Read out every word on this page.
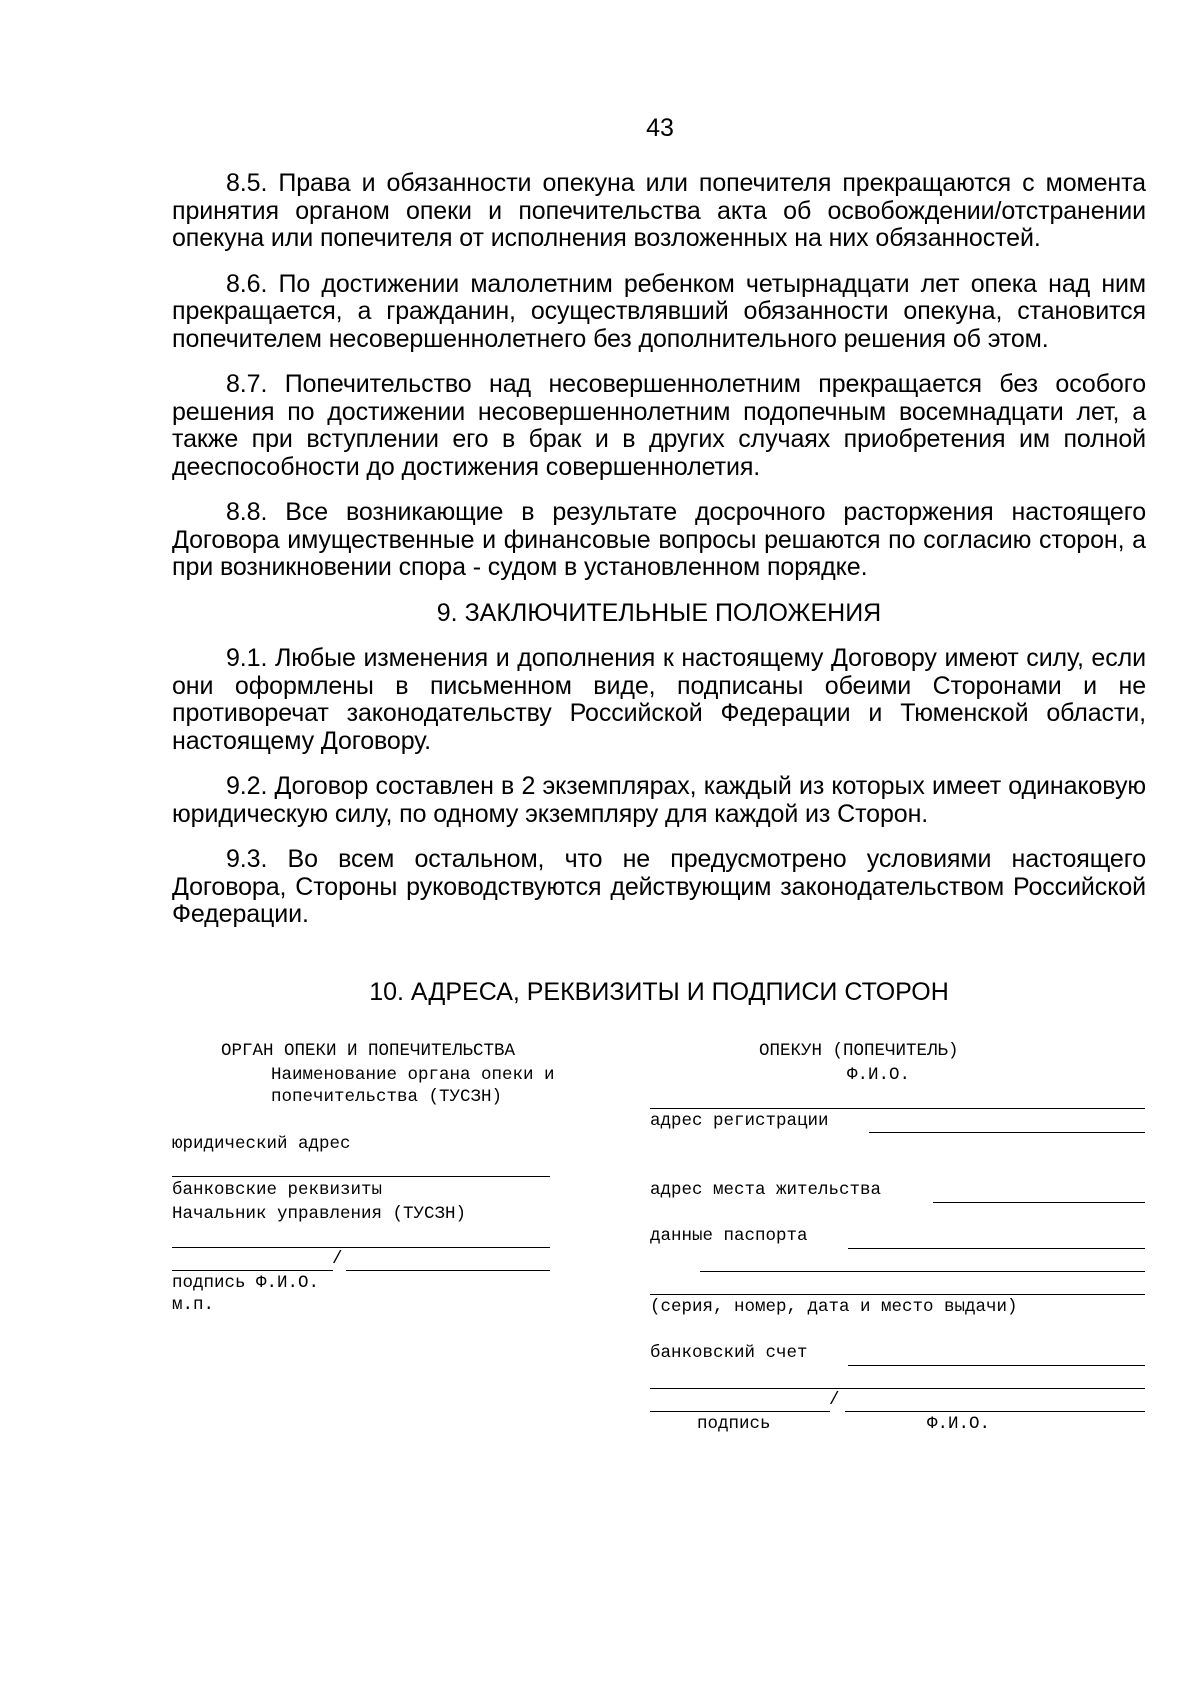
43

8.5. Права и обязанности опекуна или попечителя прекращаются с момента принятия органом опеки и попечительства акта об освобождении/отстранении опекуна или попечителя от исполнения возложенных на них обязанностей.

8.6. По достижении малолетним ребенком четырнадцати лет опека над ним прекращается, а гражданин, осуществлявший обязанности опекуна, становится попечителем несовершеннолетнего без дополнительного решения об этом.

8.7. Попечительство над несовершеннолетним прекращается без особого решения по достижении несовершеннолетним подопечным восемнадцати лет, а также при вступлении его в брак и в других случаях приобретения им полной дееспособности до достижения совершеннолетия.

8.8. Все возникающие в результате досрочного расторжения настоящего Договора имущественные и финансовые вопросы решаются по согласию сторон, а при возникновении спора - судом в установленном порядке.

9. ЗАКЛЮЧИТЕЛЬНЫЕ ПОЛОЖЕНИЯ

9.1. Любые изменения и дополнения к настоящему Договору имеют силу, если они оформлены в письменном виде, подписаны обеими Сторонами и не противоречат законодательству Российской Федерации и Тюменской области, настоящему Договору.

9.2. Договор составлен в 2 экземплярах, каждый из которых имеет одинаковую юридическую силу, по одному экземпляру для каждой из Сторон.

9.3. Во всем остальном, что не предусмотрено условиями настоящего Договора, Стороны руководствуются действующим законодательством Российской Федерации.

10. АДРЕСА, РЕКВИЗИТЫ И ПОДПИСИ СТОРОН
ОРГАН ОПЕКИ И ПОПЕЧИТЕЛЬСТВА
Наименование органа опеки и
попечительства (ТУСЗН)
юридический адрес
банковские реквизиты
Начальник управления (ТУСЗН)
/
подпись Ф.И.О.
м.п.
ОПЕКУН (ПОПЕЧИТЕЛЬ)
Ф.И.О.
адрес регистрации
адрес места жительства
данные паспорта
(серия, номер, дата и место выдачи)
банковский счет
/
подпись	Ф.И.О.
